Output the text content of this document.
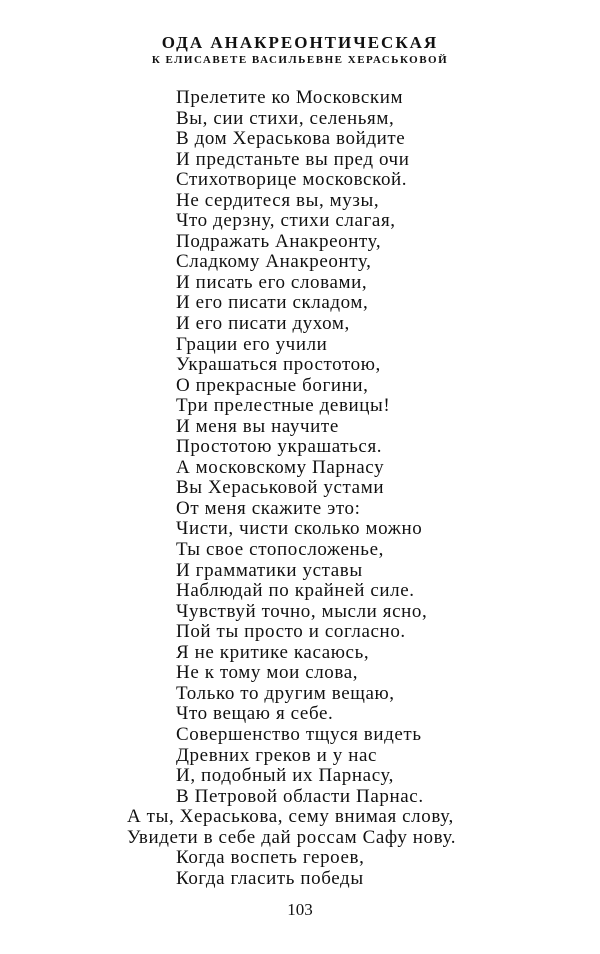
ОДА АНАКРЕОНТИЧЕСКАЯ
К ЕЛИСАВЕТЕ ВАСИЛЬЕВНЕ ХЕРАСЬКОВОЙ
Прелетите ко Московским
Вы, сии стихи, селеньям,
В дом Хераськова войдите
И предстаньте вы пред очи
Стихотворице московской.
Не сердитеся вы, музы,
Что дерзну, стихи слагая,
Подражать Анакреонту,
Сладкому Анакреонту,
И писать его словами,
И его писати складом,
И его писати духом,
Грации его учили
Украшаться простотою,
О прекрасные богини,
Три прелестные девицы!
И меня вы научите
Простотою украшаться.
А московскому Парнасу
Вы Хераськовой устами
От меня скажите это:
Чисти, чисти сколько можно
Ты свое стопосложенье,
И грамматики уставы
Наблюдай по крайней силе.
Чувствуй точно, мысли ясно,
Пой ты просто и согласно.
Я не критике касаюсь,
Не к тому мои слова,
Только то другим вещаю,
Что вещаю я себе.
Совершенство тщуся видеть
Древних греков и у нас
И, подобный их Парнасу,
В Петровой области Парнас.
А ты, Хераськова, сему внимая слову,
Увидети в себе дай россам Сафу нову.
Когда воспеть героев,
Когда гласить победы
103
